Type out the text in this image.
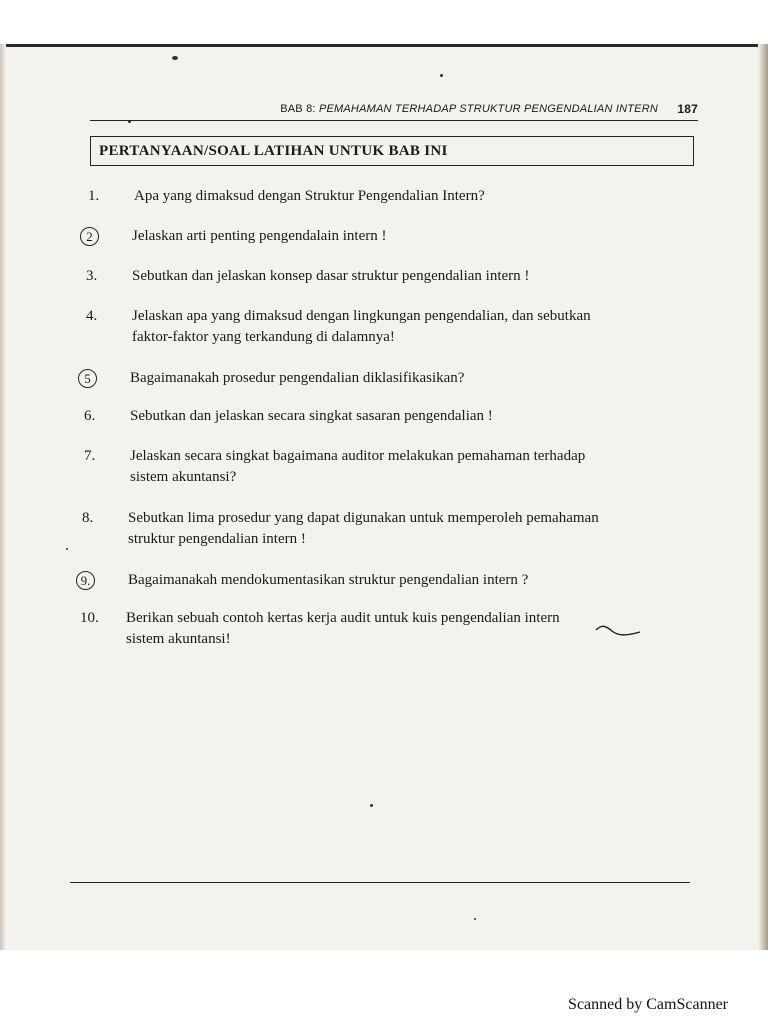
BAB 8: PEMAHAMAN TERHADAP STRUKTUR PENGENDALIAN INTERN 187
PERTANYAAN/SOAL LATIHAN UNTUK BAB INI
1.	Apa yang dimaksud dengan Struktur Pengendalian Intern?
2	Jelaskan arti penting pengendalain intern !
3.	Sebutkan dan jelaskan konsep dasar struktur pengendalian intern !
4.	Jelaskan apa yang dimaksud dengan lingkungan pengendalian, dan sebutkan
faktor-faktor yang terkandung di dalamnya!
5	Bagaimanakah prosedur pengendalian diklasifikasikan?
6.	Sebutkan dan jelaskan secara singkat sasaran pengendalian !
7.	Jelaskan secara singkat bagaimana auditor melakukan pemahaman terhadap
sistem akuntansi?
8.	Sebutkan lima prosedur yang dapat digunakan untuk memperoleh pemahaman
struktur pengendalian intern !
9.	Bagaimanakah mendokumentasikan struktur pengendalian intern ?
10.	Berikan sebuah contoh kertas kerja audit untuk kuis pengendalian intern
sistem akuntansi!
Scanned by CamScanner
